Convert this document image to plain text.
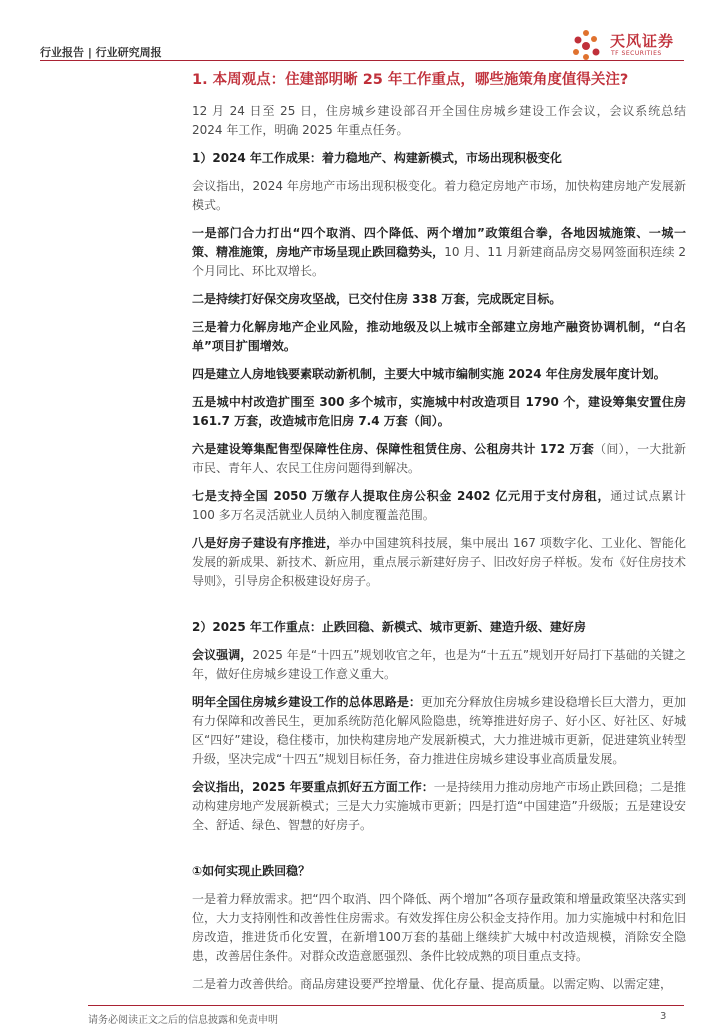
行业报告 | 行业研究周报
天风证券
TF SECURITIES
1. 本周观点：住建部明晰 25 年工作重点，哪些施策角度值得关注?

12 月 24 日至 25 日，住房城乡建设部召开全国住房城乡建设工作会议，会议系统总结 2024 年工作，明确 2025 年重点任务。

1）2024 年工作成果：着力稳地产、构建新模式，市场出现积极变化

会议指出，2024 年房地产市场出现积极变化。着力稳定房地产市场，加快构建房地产发展新模式。

一是部门合力打出“四个取消、四个降低、两个增加”政策组合拳，各地因城施策、一城一策、精准施策，房地产市场呈现止跌回稳势头，10 月、11 月新建商品房交易网签面积连续 2 个月同比、环比双增长。

二是持续打好保交房攻坚战，已交付住房 338 万套，完成既定目标。

三是着力化解房地产企业风险，推动地级及以上城市全部建立房地产融资协调机制，“白名单”项目扩围增效。

四是建立人房地钱要素联动新机制，主要大中城市编制实施 2024 年住房发展年度计划。

五是城中村改造扩围至 300 多个城市，实施城中村改造项目 1790 个，建设筹集安置住房 161.7 万套，改造城市危旧房 7.4 万套（间）。

六是建设筹集配售型保障性住房、保障性租赁住房、公租房共计 172 万套（间），一大批新市民、青年人、农民工住房问题得到解决。

七是支持全国 2050 万缴存人提取住房公积金 2402 亿元用于支付房租，通过试点累计 100 多万名灵活就业人员纳入制度覆盖范围。

八是好房子建设有序推进，举办中国建筑科技展，集中展出 167 项数字化、工业化、智能化发展的新成果、新技术、新应用，重点展示新建好房子、旧改好房子样板。发布《好住房技术导则》，引导房企积极建设好房子。

2）2025 年工作重点：止跌回稳、新模式、城市更新、建造升级、建好房

会议强调，2025 年是“十四五”规划收官之年，也是为“十五五”规划开好局打下基础的关键之年，做好住房城乡建设工作意义重大。

明年全国住房城乡建设工作的总体思路是：更加充分释放住房城乡建设稳增长巨大潜力，更加有力保障和改善民生，更加系统防范化解风险隐患，统筹推进好房子、好小区、好社区、好城区“四好”建设，稳住楼市，加快构建房地产发展新模式，大力推进城市更新，促进建筑业转型升级，坚决完成“十四五”规划目标任务，奋力推进住房城乡建设事业高质量发展。

会议指出，2025 年要重点抓好五方面工作：一是持续用力推动房地产市场止跌回稳；二是推动构建房地产发展新模式；三是大力实施城市更新；四是打造“中国建造”升级版；五是建设安全、舒适、绿色、智慧的好房子。

①如何实现止跌回稳？

一是着力释放需求。把“四个取消、四个降低、两个增加”各项存量政策和增量政策坚决落实到位，大力支持刚性和改善性住房需求。有效发挥住房公积金支持作用。加力实施城中村和危旧房改造，推进货币化安置，在新增100万套的基础上继续扩大城中村改造规模，消除安全隐患，改善居住条件。对群众改造意愿强烈、条件比较成熟的项目重点支持。

二是着力改善供给。商品房建设要严控增量、优化存量、提高质量。以需定购、以需定建，

请务必阅读正文之后的信息披露和免责申明	3
